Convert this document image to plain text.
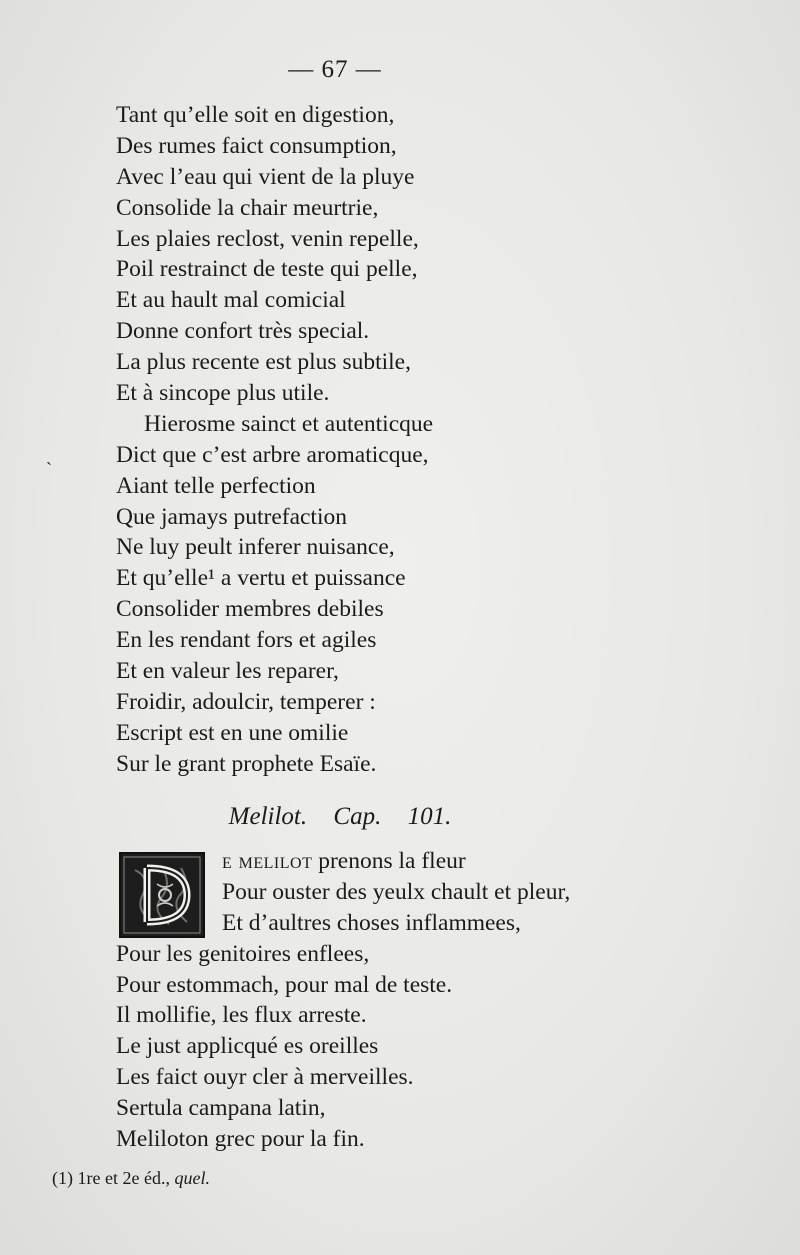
— 67 —
ˏ
Tant qu’elle soit en digestion,
Des rumes faict consumption,
Avec l’eau qui vient de la pluye
Consolide la chair meurtrie,
Les plaies reclost, venin repelle,
Poil restrainct de teste qui pelle,
Et au hault mal comicial
Donne confort très special.
La plus recente est plus subtile,
Et à sincope plus utile.
Hierosme sainct et autenticque
Dict que c’est arbre aromaticque,
Aiant telle perfection
Que jamays putrefaction
Ne luy peult inferer nuisance,
Et qu’elle¹ a vertu et puissance
Consolider membres debiles
En les rendant fors et agiles
Et en valeur les reparer,
Froidir, adoulcir, temperer :
Escript est en une omilie
Sur le grant prophete Esaïe.
Melilot. Cap. 101.
e melilot prenons la fleur
Pour ouster des yeulx chault et pleur,
Et d’aultres choses inflammees,
Pour les genitoires enflees,
Pour estommach, pour mal de teste.
Il mollifie, les flux arreste.
Le just applicqué es oreilles
Les faict ouyr cler à merveilles.
Sertula campana latin,
Meliloton grec pour la fin.
(1) 1re et 2e éd., quel.
